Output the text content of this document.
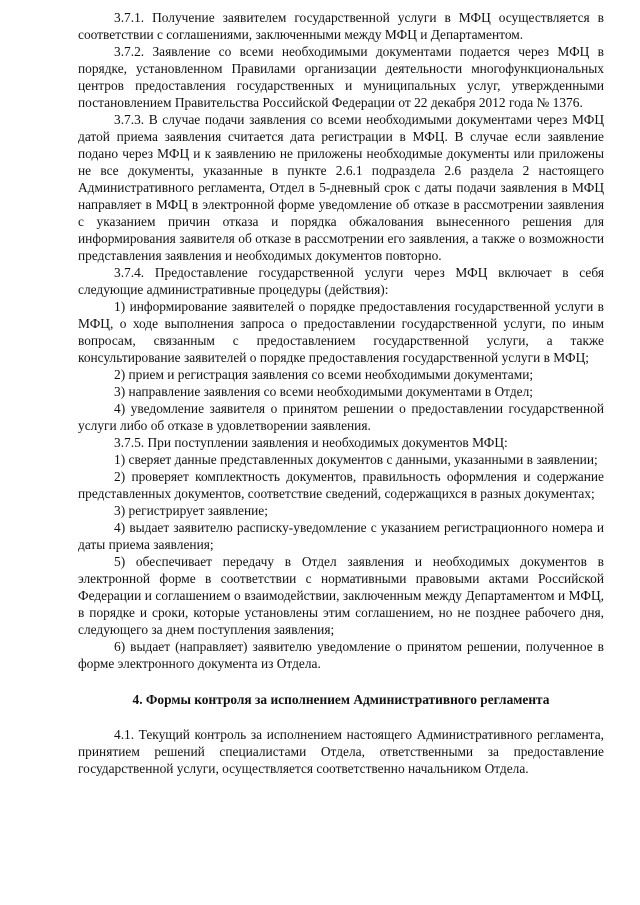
3.7.1. Получение заявителем государственной услуги в МФЦ осуществляется в соответствии с соглашениями, заключенными между МФЦ и Департаментом.

3.7.2. Заявление со всеми необходимыми документами подается через МФЦ в порядке, установленном Правилами организации деятельности многофункциональных центров предоставления государственных и муниципальных услуг, утвержденными постановлением Правительства Российской Федерации от 22 декабря 2012 года № 1376.

3.7.3. В случае подачи заявления со всеми необходимыми документами через МФЦ датой приема заявления считается дата регистрации в МФЦ. В случае если заявление подано через МФЦ и к заявлению не приложены необходимые документы или приложены не все документы, указанные в пункте 2.6.1 подраздела 2.6 раздела 2 настоящего Административного регламента, Отдел в 5-дневный срок с даты подачи заявления в МФЦ направляет в МФЦ в электронной форме уведомление об отказе в рассмотрении заявления с указанием причин отказа и порядка обжалования вынесенного решения для информирования заявителя об отказе в рассмотрении его заявления, а также о возможности представления заявления и необходимых документов повторно.

3.7.4. Предоставление государственной услуги через МФЦ включает в себя следующие административные процедуры (действия):

1) информирование заявителей о порядке предоставления государственной услуги в МФЦ, о ходе выполнения запроса о предоставлении государственной услуги, по иным вопросам, связанным с предоставлением государственной услуги, а также консультирование заявителей о порядке предоставления государственной услуги в МФЦ;

2) прием и регистрация заявления со всеми необходимыми документами;

3) направление заявления со всеми необходимыми документами в Отдел;

4) уведомление заявителя о принятом решении о предоставлении государственной услуги либо об отказе в удовлетворении заявления.

3.7.5. При поступлении заявления и необходимых документов МФЦ:

1) сверяет данные представленных документов с данными, указанными в заявлении;

2) проверяет комплектность документов, правильность оформления и содержание представленных документов, соответствие сведений, содержащихся в разных документах;

3) регистрирует заявление;

4) выдает заявителю расписку-уведомление с указанием регистрационного номера и даты приема заявления;

5) обеспечивает передачу в Отдел заявления и необходимых документов в электронной форме в соответствии с нормативными правовыми актами Российской Федерации и соглашением о взаимодействии, заключенным между Департаментом и МФЦ, в порядке и сроки, которые установлены этим соглашением, но не позднее рабочего дня, следующего за днем поступления заявления;

6) выдает (направляет) заявителю уведомление о принятом решении, полученное в форме электронного документа из Отдела.

4. Формы контроля за исполнением Административного регламента

4.1. Текущий контроль за исполнением настоящего Административного регламента, принятием решений специалистами Отдела, ответственными за предоставление государственной услуги, осуществляется соответственно начальником Отдела.
